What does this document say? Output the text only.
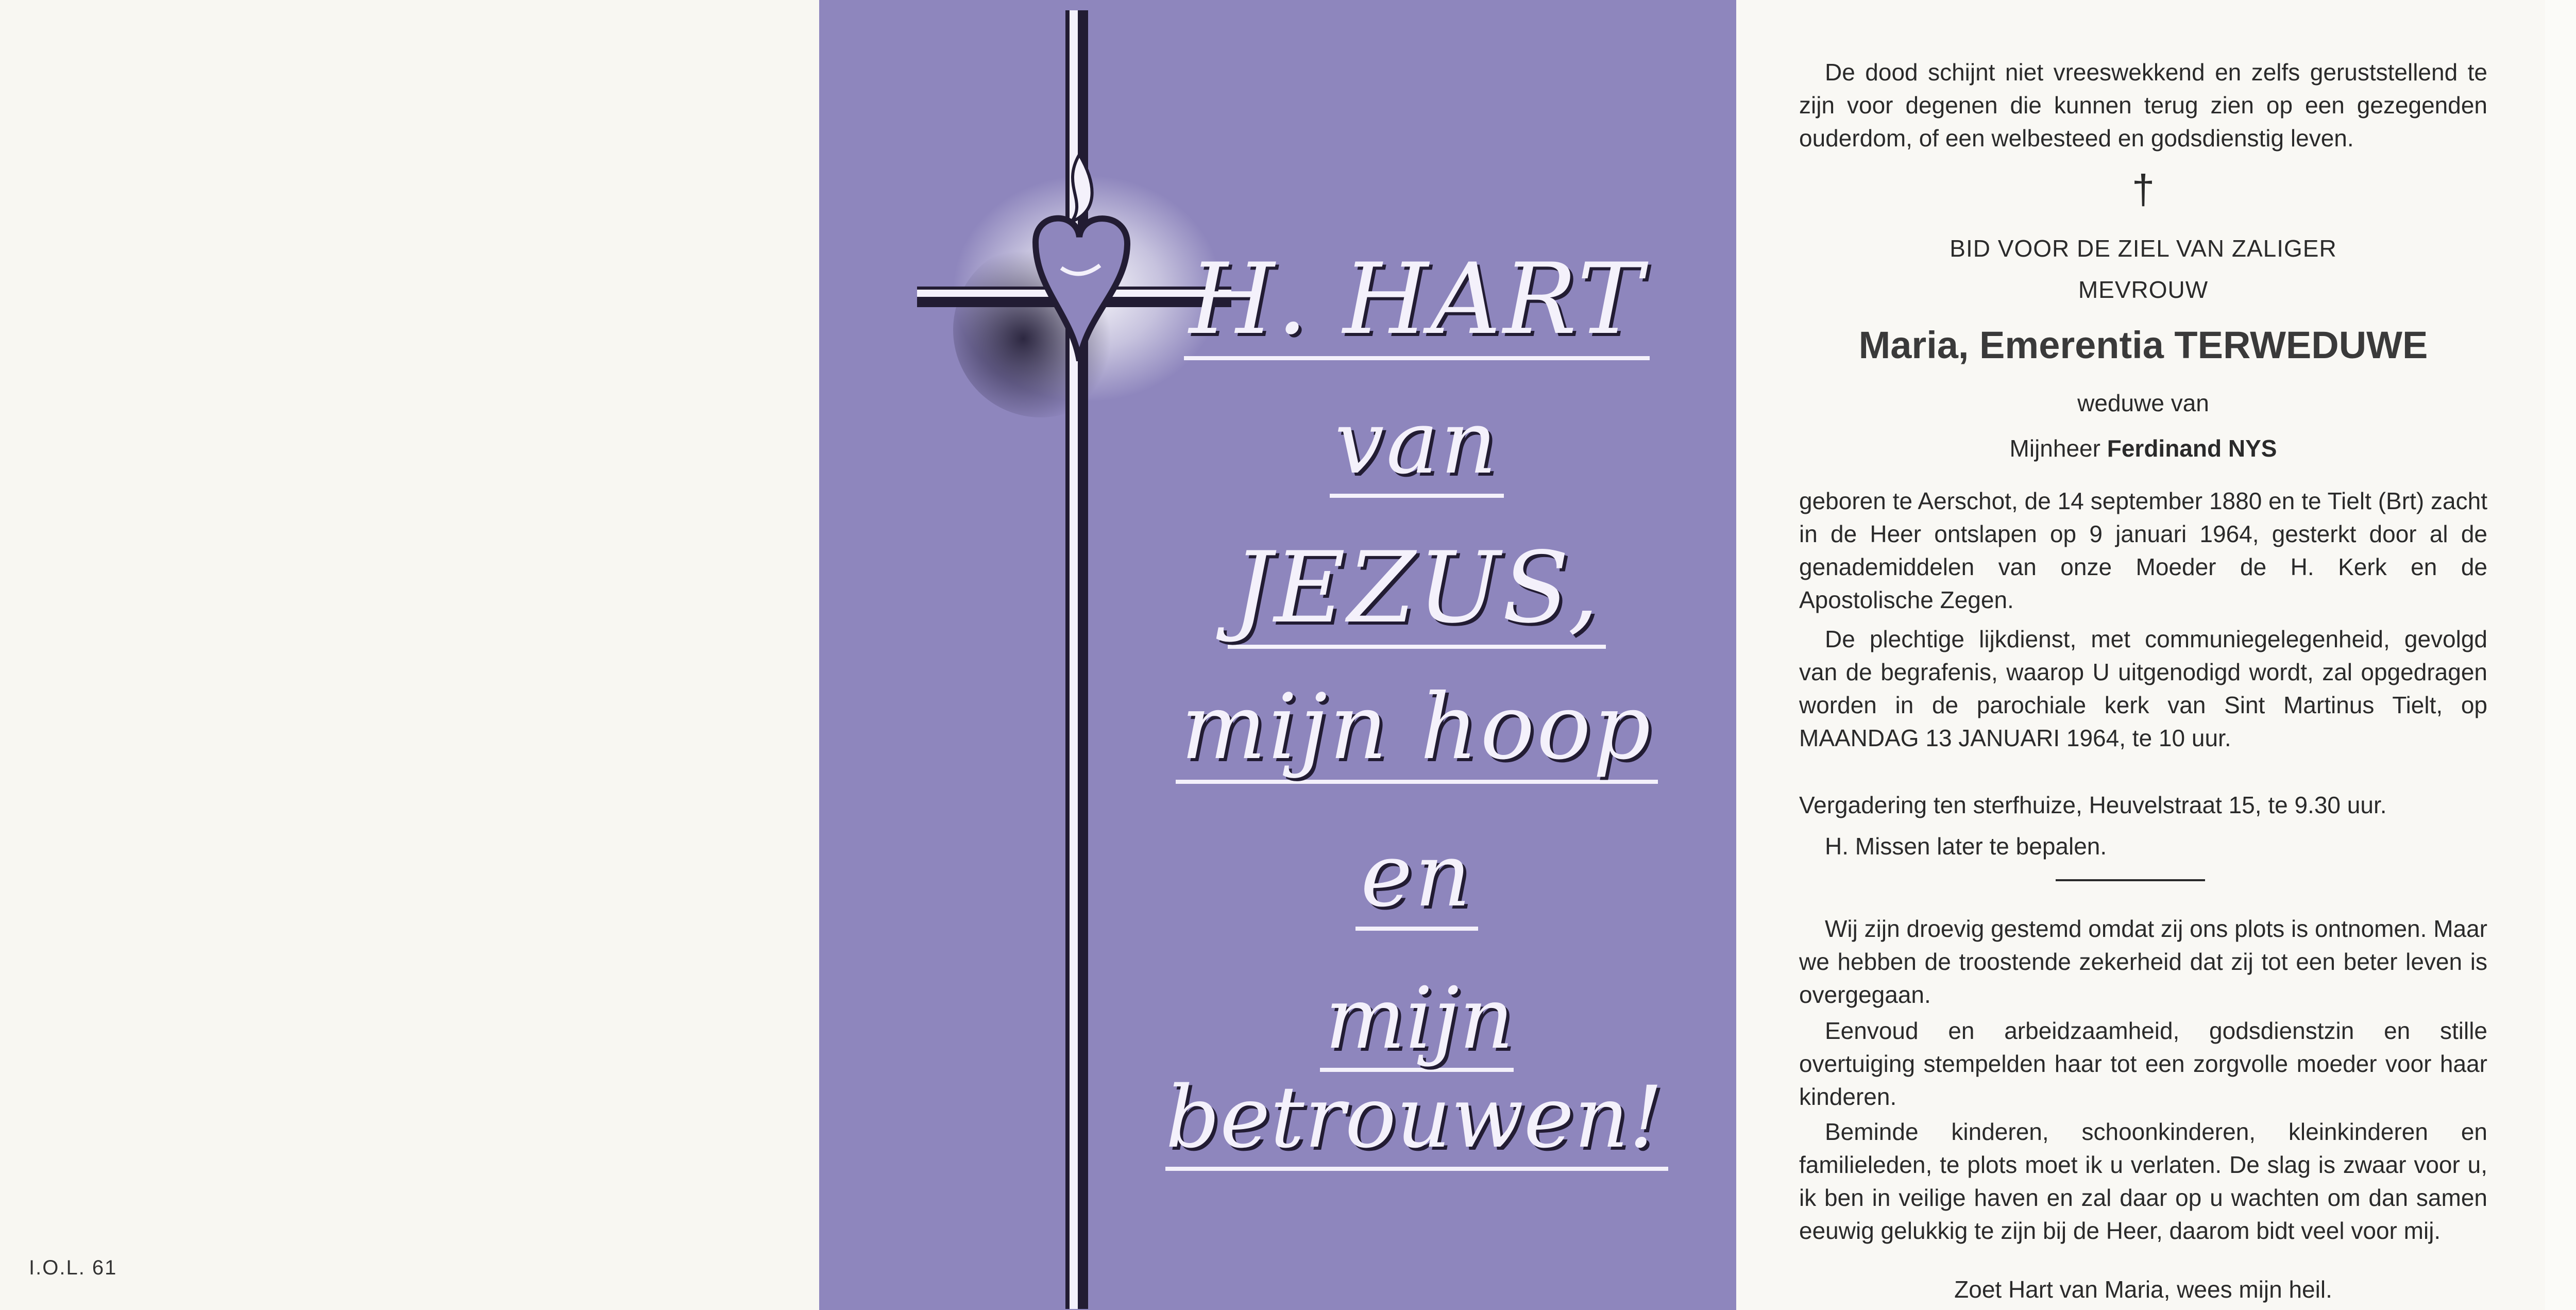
I.O.L. 61
H. HART
van
JEZUS,
mijn hoop
en
mijn betrouwen!
De dood schijnt niet vreeswekkend en zelfs geruststellend te zijn voor degenen die kunnen terug zien op een gezegenden ouderdom, of een welbesteed en godsdienstig leven.
†
BID VOOR DE ZIEL VAN ZALIGER
MEVROUW
Maria, Emerentia TERWEDUWE
weduwe van
Mijnheer Ferdinand NYS
geboren te Aerschot, de 14 september 1880 en te Tielt (Brt) zacht in de Heer ontslapen op 9 januari 1964, gesterkt door al de genademiddelen van onze Moeder de H. Kerk en de Apostolische Zegen.
De plechtige lijkdienst, met communiegelegenheid, gevolgd van de begrafenis, waarop U uitgenodigd wordt, zal opgedragen worden in de parochiale kerk van Sint Martinus Tielt, op MAANDAG 13 JANUARI 1964, te 10 uur.
Vergadering ten sterfhuize, Heuvelstraat 15, te 9.30 uur.
H. Missen later te bepalen.
Wij zijn droevig gestemd omdat zij ons plots is ontnomen. Maar we hebben de troostende zekerheid dat zij tot een beter leven is overgegaan.
Eenvoud en arbeidzaamheid, godsdienstzin en stille overtuiging stempelden haar tot een zorgvolle moeder voor haar kinderen.
Beminde kinderen, schoonkinderen, kleinkinderen en familieleden, te plots moet ik u verlaten. De slag is zwaar voor u, ik ben in veilige haven en zal daar op u wachten om dan samen eeuwig gelukkig te zijn bij de Heer, daarom bidt veel voor mij.
Zoet Hart van Maria, wees mijn heil.
